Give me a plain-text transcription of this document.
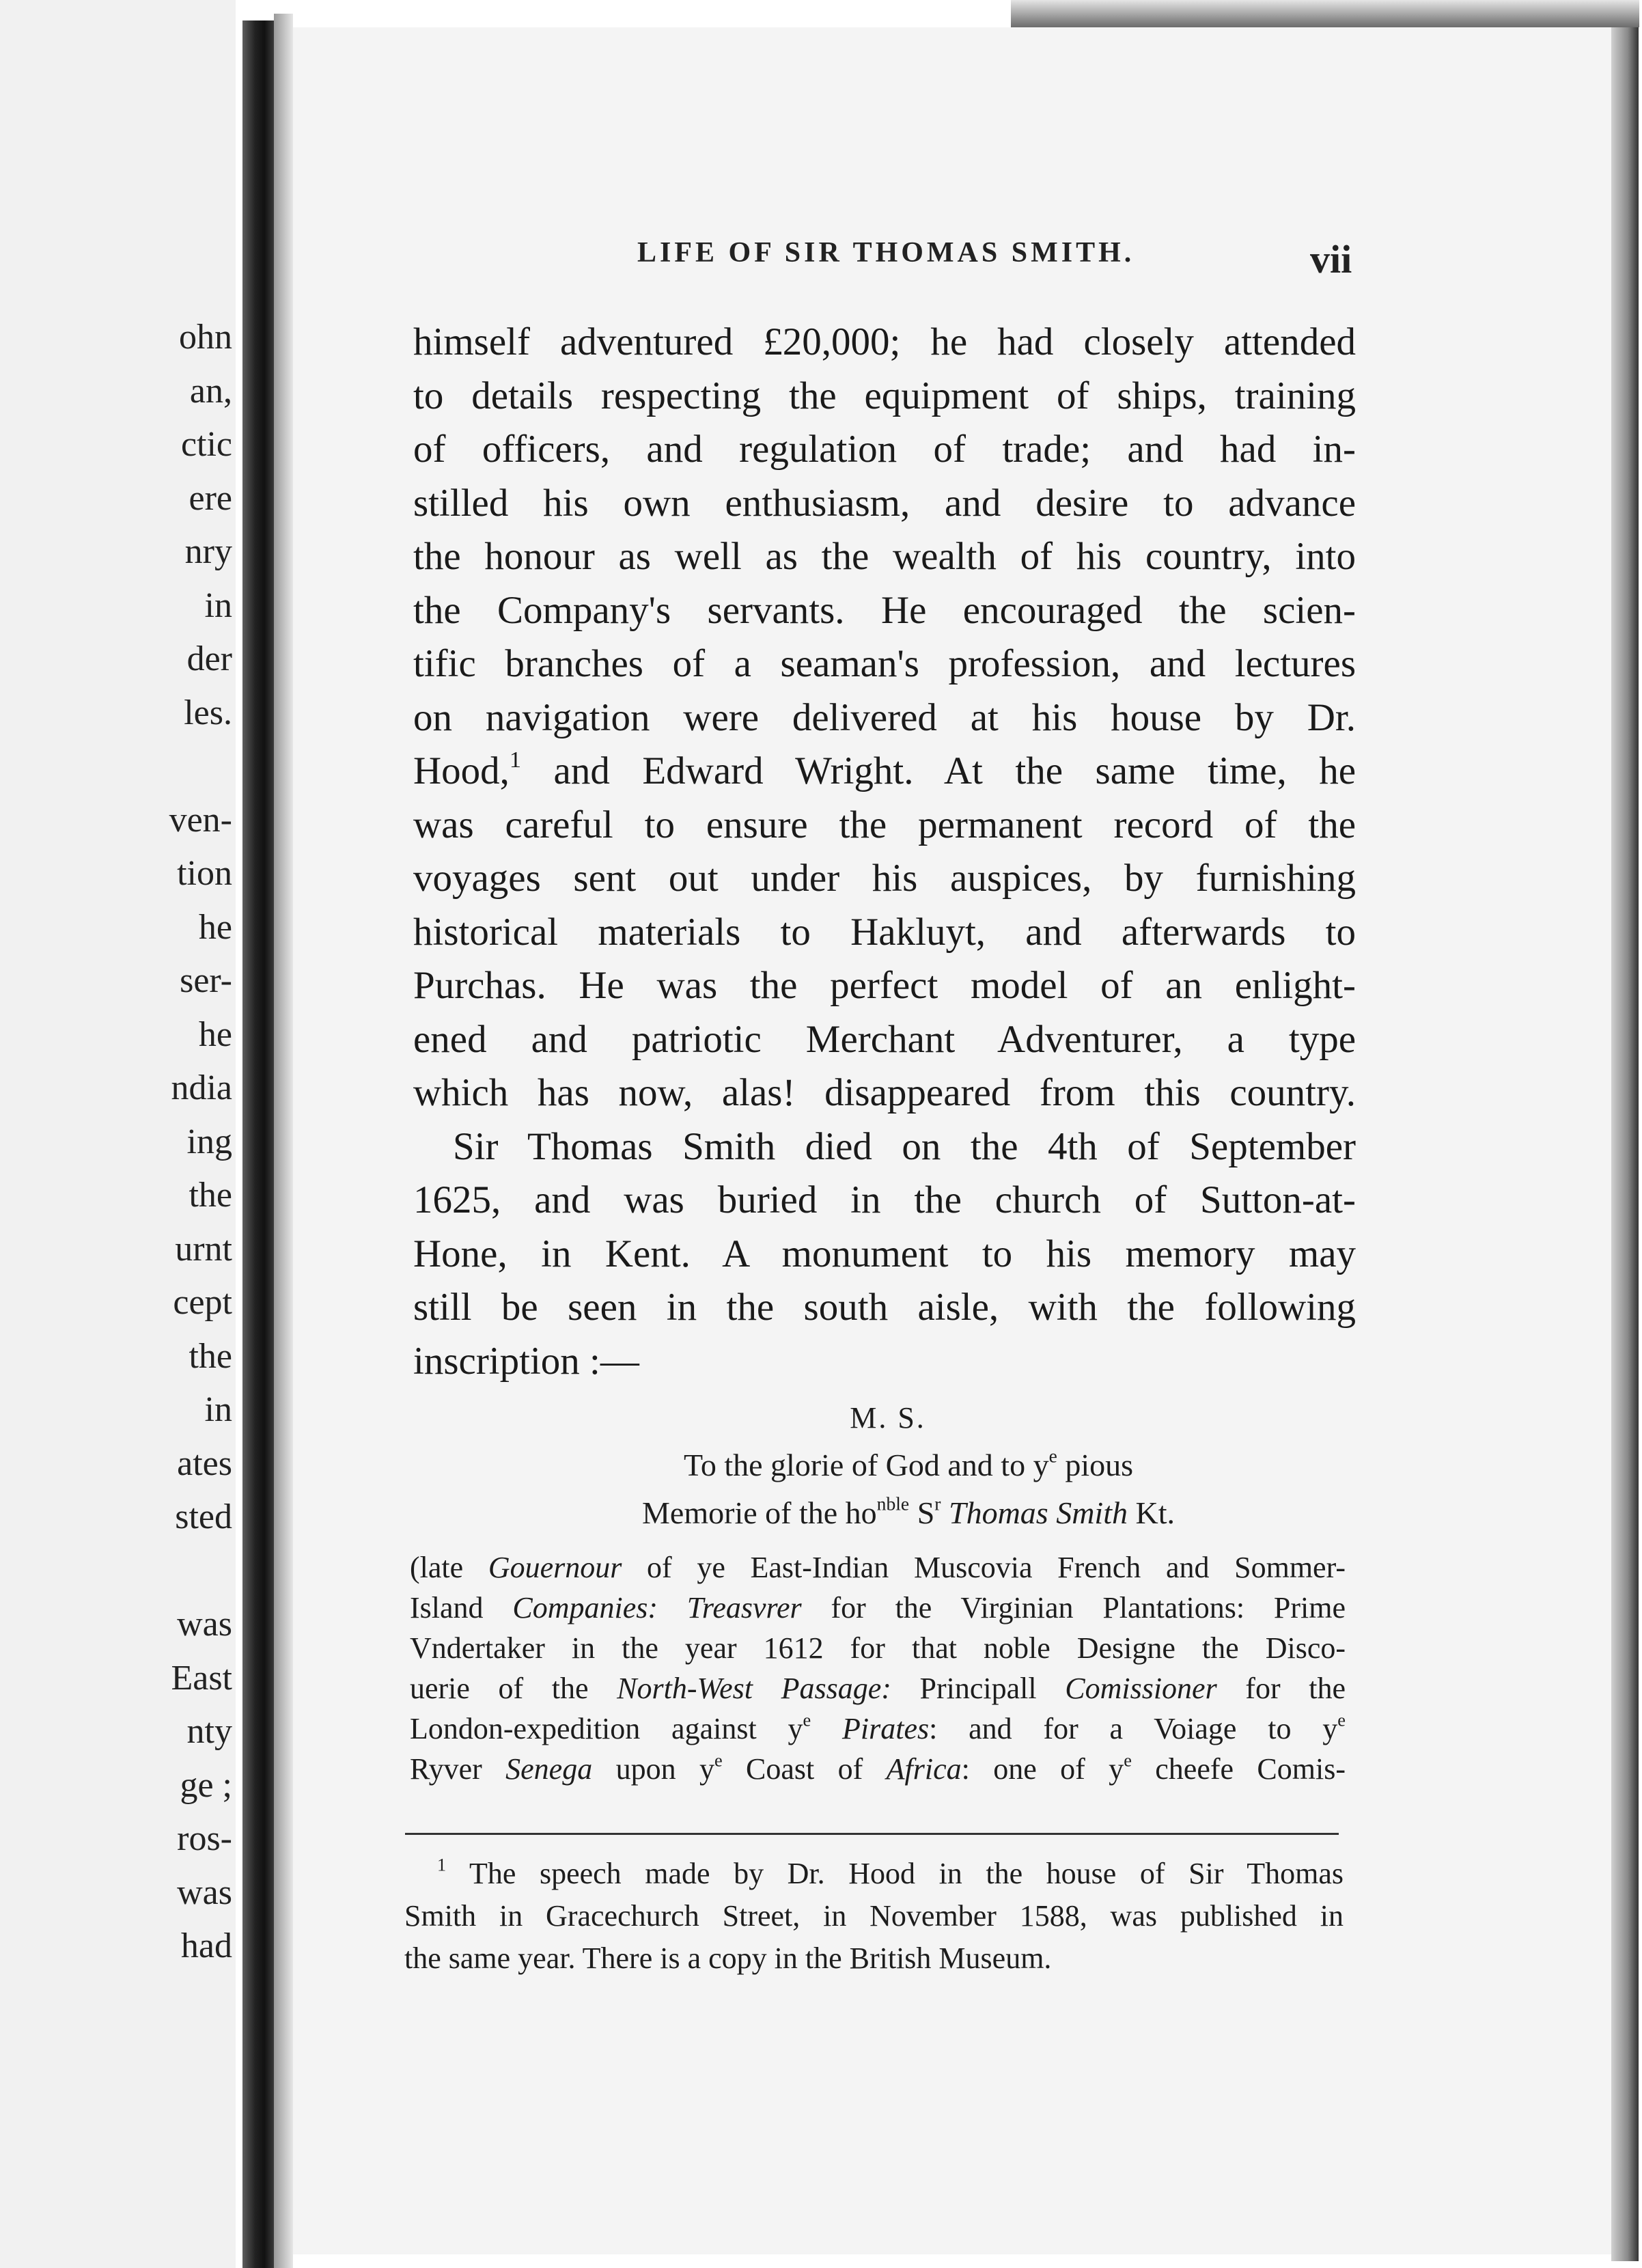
ohn
an,
ctic
ere
nry
in
der
les.
ven-
tion
he
ser-
he
ndia
ing
the
urnt
cept
the
in
ates
sted
was
East
nty
ge ;
ros-
was
had
LIFE OF SIR THOMAS SMITH.	vii
himself adventured £20,000; he had closely attended
to details respecting the equipment of ships, training
of officers, and regulation of trade; and had in-
stilled his own enthusiasm, and desire to advance
the honour as well as the wealth of his country, into
the Company's servants. He encouraged the scien-
tific branches of a seaman's profession, and lectures
on navigation were delivered at his house by Dr.
Hood,$^1$ and Edward Wright. At the same time, he
was careful to ensure the permanent record of the
voyages sent out under his auspices, by furnishing
historical materials to Hakluyt, and afterwards to
Purchas. He was the perfect model of an enlight-
ened and patriotic Merchant Adventurer, a type
which has now, alas! disappeared from this country.
Sir Thomas Smith died on the 4th of September
1625, and was buried in the church of Sutton-at-
Hone, in Kent. A monument to his memory may
still be seen in the south aisle, with the following
inscription :—
M. S.
To the glorie of God and to $y^e$ pious
Memorie of the $ho^{nble}$ $S^r$ Thomas Smith Kt.
(late Gouernour of ye East-Indian Muscovia French and Sommer-
Island Companies: Treasvrer for the Virginian Plantations: Prime
Vndertaker in the year 1612 for that noble Designe the Disco-
uerie of the North-West Passage: Principall Comissioner for the
London-expedition against $y^e$ Pirates: and for a Voiage to $y^e$
Ryver Senega upon $y^e$ Coast of Africa: one of $y^e$ cheefe Comis-
$^1$ The speech made by Dr. Hood in the house of Sir Thomas
Smith in Gracechurch Street, in November 1588, was published in
the same year. There is a copy in the British Museum.
